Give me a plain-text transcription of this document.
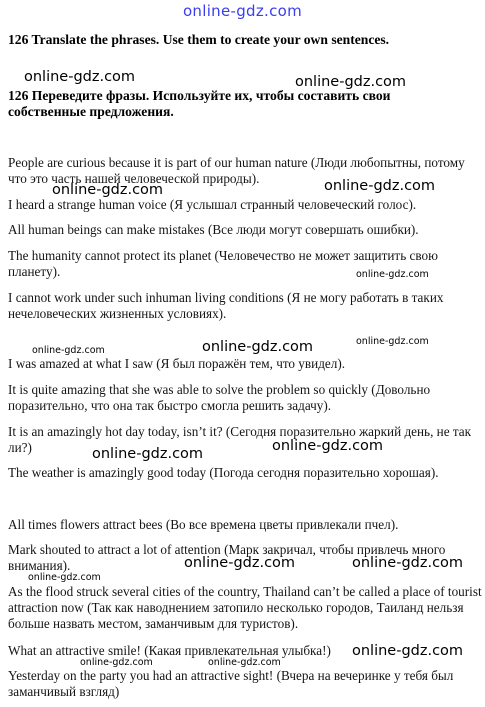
online-gdz.com
126 Translate the phrases. Use them to create your own sentences.
126 Переведите фразы. Используйте их, чтобы составить свои
собственные предложения.
People are curious because it is part of our human nature (Люди любопытны, потому что это часть нашей человеческой природы).
I heard a strange human voice (Я услышал странный человеческий голос).
All human beings can make mistakes (Все люди могут совершать ошибки).
The humanity cannot protect its planet (Человечество не может защитить свою планету).
I cannot work under such inhuman living conditions (Я не могу работать в таких нечеловеческих жизненных условиях).
I was amazed at what I saw (Я был поражён тем, что увидел).
It is quite amazing that she was able to solve the problem so quickly (Довольно поразительно, что она так быстро смогла решить задачу).
It is an amazingly hot day today, isn’t it? (Сегодня поразительно жаркий день, не так ли?)
The weather is amazingly good today (Погода сегодня поразительно хорошая).
All times flowers attract bees (Во все времена цветы привлекали пчел).
Mark shouted to attract a lot of attention (Марк закричал, чтобы привлечь много внимания).
As the flood struck several cities of the country, Thailand can’t be called a place of tourist attraction now (Так как наводнением затопило несколько городов, Таиланд нельзя больше назвать местом, заманчивым для туристов).
What an attractive smile! (Какая привлекательная улыбка!)
Yesterday on the party you had an attractive sight! (Вчера на вечеринке у тебя был заманчивый взгляд)
online-gdz.com	online-gdz.com
online-gdz.com	online-gdz.com
online-gdz.com
online-gdz.com
online-gdz.com	online-gdz.com
online-gdz.com
online-gdz.com
online-gdz.com
online-gdz.com	online-gdz.com
online-gdz.com
online-gdz.com	online-gdz.com
